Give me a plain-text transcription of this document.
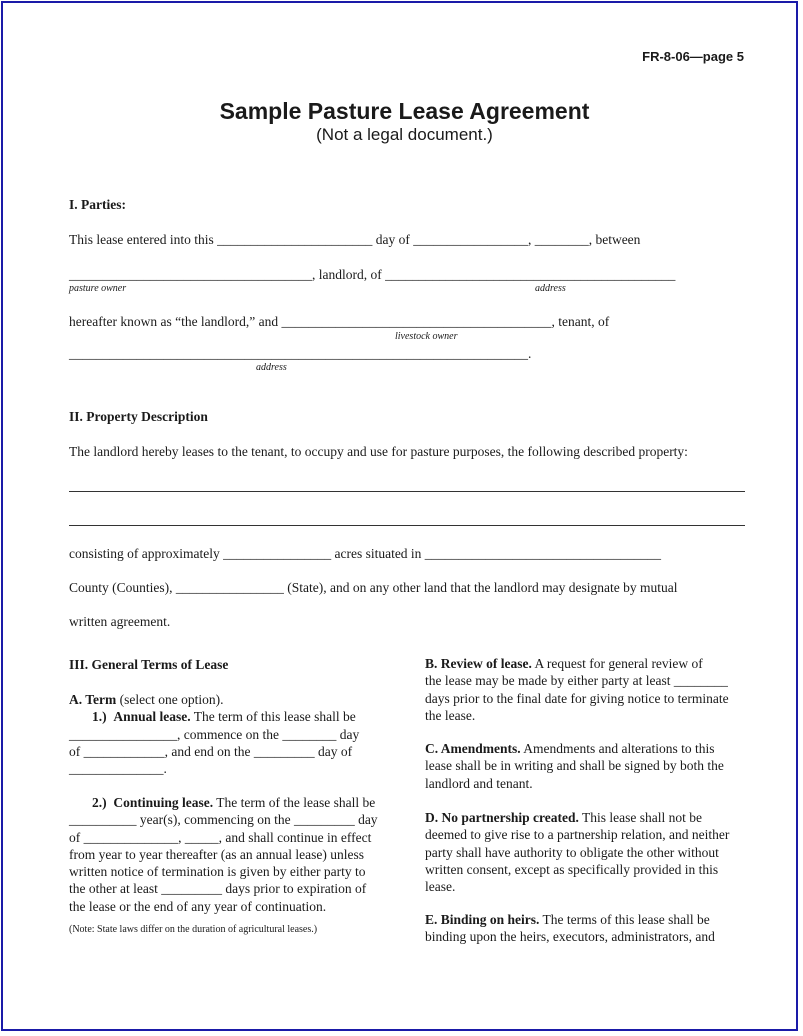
FR-8-06—page 5
Sample Pasture Lease Agreement
(Not a legal document.)
I. Parties:
This lease entered into this _______________________ day of _________________, ________, between
____________________________________, landlord, of ___________________________________________
pasture owner	address
hereafter known as “the landlord,” and ________________________________________, tenant, of
livestock owner
____________________________________________________________________.
address
II. Property Description
The landlord hereby leases to the tenant, to occupy and use for pasture purposes, the following described property:
consisting of approximately ________________ acres situated in ___________________________________
County (Counties), ________________ (State), and on any other land that the landlord may designate by mutual
written agreement.
III. General Terms of Lease

A. Term (select one option).

1.) Annual lease. The term of this lease shall be

________________, commence on the ________ day

of ____________, and end on the _________ day of

______________.

2.) Continuing lease. The term of the lease shall be

__________ year(s), commencing on the _________ day

of ______________, _____, and shall continue in effect

from year to year thereafter (as an annual lease) unless

written notice of termination is given by either party to

the other at least _________ days prior to expiration of

the lease or the end of any year of continuation.

(Note: State laws differ on the duration of agricultural leases.)

B. Review of lease. A request for general review of

the lease may be made by either party at least ________

days prior to the final date for giving notice to terminate

the lease.

C. Amendments. Amendments and alterations to this

lease shall be in writing and shall be signed by both the

landlord and tenant.

D. No partnership created. This lease shall not be

deemed to give rise to a partnership relation, and neither

party shall have authority to obligate the other without

written consent, except as specifically provided in this

lease.

E. Binding on heirs. The terms of this lease shall be

binding upon the heirs, executors, administrators, and
